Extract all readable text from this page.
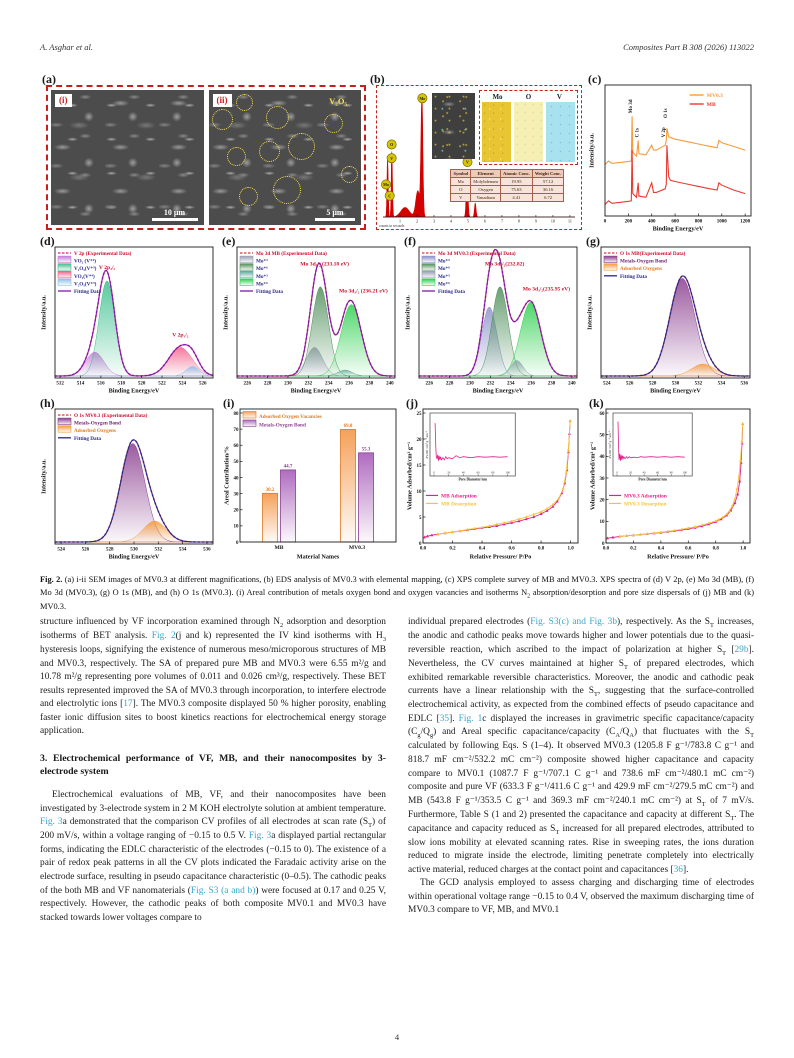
A. Asghar et al.	Composites Part B 308 (2026) 113022
(a)
(i)
10 μm
(ii)	V₂O₅
5 μm
(b)
1	2	3	4	5	6	7	8	9	10	11
O
V
Mo
C
Mo
V
Mo	O	V
Symbol	Element	Atomic Conc.	Weight Conc.
Mo	Molybdenum	19.95	57.12
O	Oxygen	75.63	36.16
V	Vanadium	4.41	6.72
counts in seconds
(c)
Mo 3d
C 1s	V 2p
O 1s
MV0.3
MB
0	200	400	600	800	1000	1200
Binding Energy/eV
Intensity/a.u.
(d)
512	514	516	518	520	522	524	526
V 2p₃/₂
V 2p₁/₂
V 2p (Experimental Data)
VO₂ (V⁺⁴)
V₂O₅(V⁺⁵)
VO₂(V⁺⁴)
V₂O₅(V⁺⁵)
Fitting Data
Binding Energy/eV
Intensity/a.u.
(e)
226	228	230	232	234	236	238	240
Mo 3d₅/₂ (233.18 eV)
Mo 3d₃/₂ (236.21 eV)
Mo 3d MB (Experimental Data)
Mo⁺⁵
Mo⁺⁶
Mo⁺⁵
Mo⁺⁶
Fitting Data
Binding Energy/eV
Intensity/a.u.
(f)
226	228	230	232	234	236	238	240
Mo 3d₅/₂(232.82)
Mo 3d₃/₂(235.95 eV)
Mo 3d MV0.3 (Experimental Data)
Mo⁺⁵
Mo⁺⁶
Mo⁺⁵
Mo⁺⁶
Fitting Data
Binding Energy/eV
Intensity/a.u.
(g)
524	526	528	530	532	534	536
O 1s MB(Experimental Data)
Metals-Oxygen Bond
Adsorbed Oxygens
Fitting Data
Binding Energy/eV
Intensity/a.u.
(h)
524	526	528	530	532	534	536
O 1s MV0.3 (Experimental Data)
Metals-Oxygen Bond
Adsorbed Oxygens
Fitting Data
Binding Energy/eV
Intensity/a.u.
(i)
30.2
44.7
MB
69.8
55.3
MV0.3
Adsorbed Oxygen Vacancies
Metals-Oxygen Bond
0
10
20
30
40
50
60
70
80
Material Names
Areal Contribution/%
(j)
MB Adsorption
MB Desorption
0	20	40	60	80	100
Pore Diameter/nm
dV/dD /cm³ g⁻¹ nm⁻¹
0.0	0.2	0.4	0.6	0.8	1.0
0
5
10
15
20
25
Relative Pressure/ P/Po
Volume Adsorbed/cm³ g⁻¹
(k)
MV0.3 Adsorption
MV0.3 Desorption
0	20	40	60	80	100
Pore Diameter/nm
dV/dD /cm³ g⁻¹ nm⁻¹
0.0	0.2	0.4	0.6	0.8	1.0
0
10
20
30
40
50
60
Relative Pressure/ P/Po
Volume Adsorbed/cm³ g⁻¹

Fig. 2. (a) i-ii SEM images of MV0.3 at different magnifications, (b) EDS analysis of MV0.3 with elemental mapping, (c) XPS complete survey of MB and MV0.3. XPS spectra of (d) V 2p, (e) Mo 3d (MB), (f) Mo 3d (MV0.3), (g) O 1s (MB), and (h) O 1s (MV0.3). (i) Areal contribution of metals oxygen bond and oxygen vacancies and isotherms $N_2$ absorption/desorption and pore size dispersals of (j) MB and (k) MV0.3.

structure influenced by VF incorporation examined through $N_2$ adsorption and desorption isotherms of BET analysis. Fig. 2(j and k) represented the IV kind isotherms with $H_3$ hysteresis loops, signifying the existence of numerous meso/microporous structures of MB and MV0.3, respectively. The SA of prepared pure MB and MV0.3 were 6.55 m²/g and 10.78 m²/g representing pore volumes of 0.011 and 0.026 cm³/g, respectively. These BET results represented improved the SA of MV0.3 through incorporation, to interfere electrode and electrolytic ions [17]. The MV0.3 composite displayed 50 % higher porosity, enabling faster ionic diffusion sites to boost kinetics reactions for electrochemical energy storage application.

3. Electrochemical performance of VF, MB, and their nanocomposites by 3-electrode system

Electrochemical evaluations of MB, VF, and their nanocomposites have been investigated by 3-electrode system in 2 M KOH electrolyte solution at ambient temperature. Fig. 3a demonstrated that the comparison CV profiles of all electrodes at scan rate $(S_T)$ of 200 mV/s, within a voltage ranging of −0.15 to 0.5 V. Fig. 3a displayed partial rectangular forms, indicating the EDLC characteristic of the electrodes (−0.15 to 0). The existence of a pair of redox peak patterns in all the CV plots indicated the Faradaic activity arise on the electrode surface, resulting in pseudo capacitance characteristic (0–0.5). The cathodic peaks of the both MB and VF nanomaterials (Fig. S3 (a and b)) were focused at 0.17 and 0.25 V, respectively. However, the cathodic peaks of both composite MV0.1 and MV0.3 have stacked towards lower voltages compare to

individual prepared electrodes (Fig. S3(c) and Fig. 3b), respectively. As the $S_T$ increases, the anodic and cathodic peaks move towards higher and lower potentials due to the quasi-reversible reaction, which ascribed to the impact of polarization at higher $S_T$ [29b]. Nevertheless, the CV curves maintained at higher $S_T$ of prepared electrodes, which exhibited remarkable reversible characteristics. Moreover, the anodic and cathodic peak currents have a linear relationship with the $S_T$, suggesting that the surface-controlled electrochemical activity, as expected from the combined effects of pseudo capacitance and EDLC [35]. Fig. 1c displayed the increases in gravimetric specific capacitance/capacity $(C_g/Q_g)$ and Areal specific capacitance/capacity $(C_A/Q_A)$ that fluctuates with the $S_T$ calculated by following Eqs. S (1–4). It observed MV0.3 (1205.8 F g⁻¹/783.8 C g⁻¹ and 818.7 mF cm⁻²/532.2 mC cm⁻²) composite showed higher capacitance and capacity compare to MV0.1 (1087.7 F g⁻¹/707.1 C g⁻¹ and 738.6 mF cm⁻²/480.1 mC cm⁻²) composite and pure VF (633.3 F g⁻¹/411.6 C g⁻¹ and 429.9 mF cm⁻²/279.5 mC cm⁻²) and MB (543.8 F g⁻¹/353.5 C g⁻¹ and 369.3 mF cm⁻²/240.1 mC cm⁻²) at $S_T$ of 7 mV/s. Furthermore, Table S (1 and 2) presented the capacitance and capacity at different $S_T$. The capacitance and capacity reduced as $S_T$ increased for all prepared electrodes, attributed to slow ions mobility at elevated scanning rates. Rise in sweeping rates, the ions duration reduced to migrate inside the electrode, limiting penetrate completely into electrically active material, reduced charges at the contact point and capacitances [36].

The GCD analysis employed to assess charging and discharging time of electrodes within operational voltage range −0.15 to 0.4 V, observed the maximum discharging time of MV0.3 compare to VF, MB, and MV0.1

4
